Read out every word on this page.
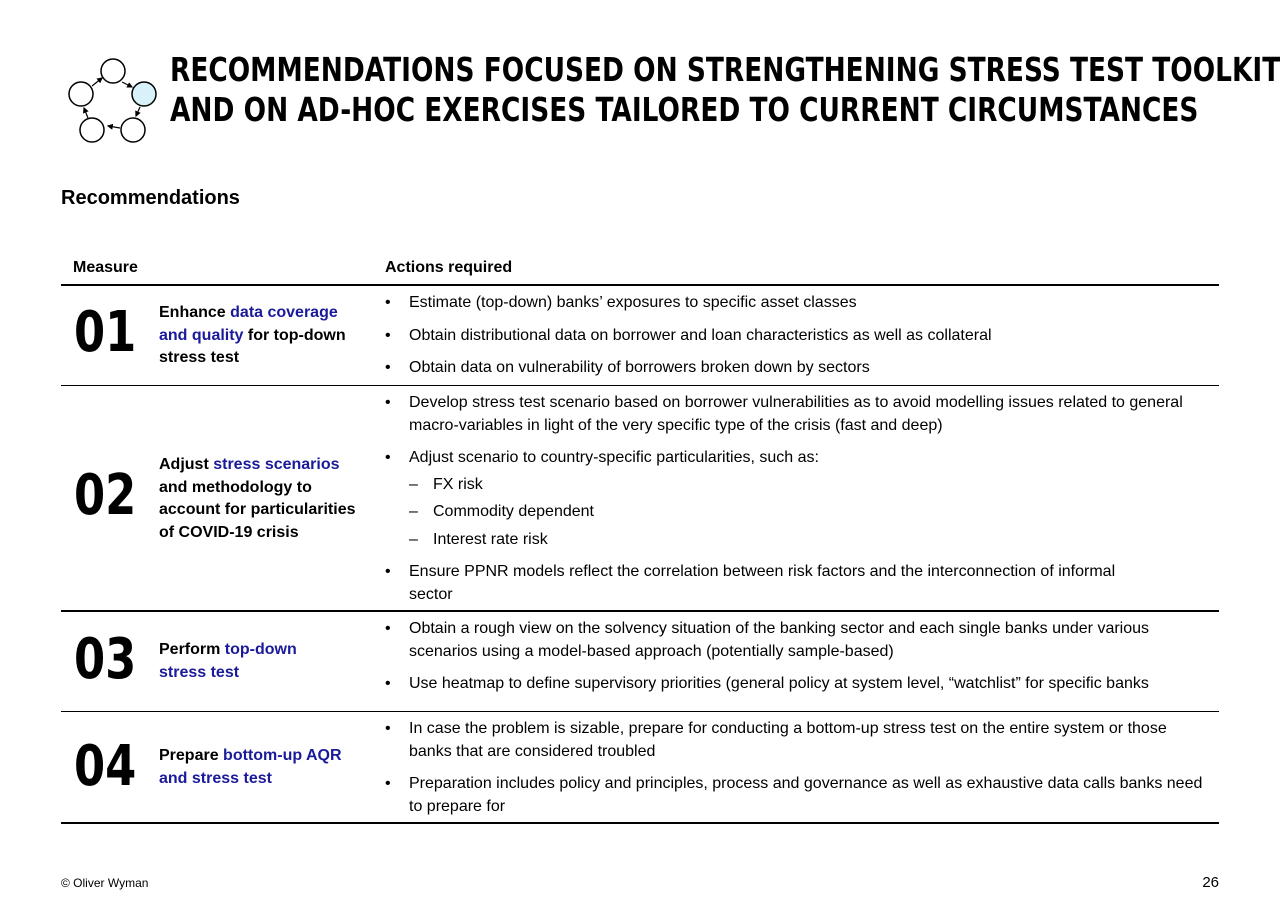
RECOMMENDATIONS FOCUSED ON STRENGTHENING STRESS TEST TOOLKIT
AND ON AD-HOC EXERCISES TAILORED TO CURRENT CIRCUMSTANCES
Recommendations
Measure	Actions required
01 Enhance data coverage and quality for top-down stress test
• Estimate (top-down) banks’ exposures to specific asset classes
• Obtain distributional data on borrower and loan characteristics as well as collateral
• Obtain data on vulnerability of borrowers broken down by sectors
02 Adjust stress scenarios and methodology to account for particularities of COVID-19 crisis
• Develop stress test scenario based on borrower vulnerabilities as to avoid modelling issues related to general macro-variables in light of the very specific type of the crisis (fast and deep)
• Adjust scenario to country-specific particularities, such as:
– FX risk
– Commodity dependent
– Interest rate risk
• Ensure PPNR models reflect the correlation between risk factors and the interconnection of informal sector
03 Perform top-down stress test
• Obtain a rough view on the solvency situation of the banking sector and each single banks under various scenarios using a model-based approach (potentially sample-based)
• Use heatmap to define supervisory priorities (general policy at system level, “watchlist” for specific banks
04 Prepare bottom-up AQR and stress test
• In case the problem is sizable, prepare for conducting a bottom-up stress test on the entire system or those banks that are considered troubled
• Preparation includes policy and principles, process and governance as well as exhaustive data calls banks need to prepare for
© Oliver Wyman	26
